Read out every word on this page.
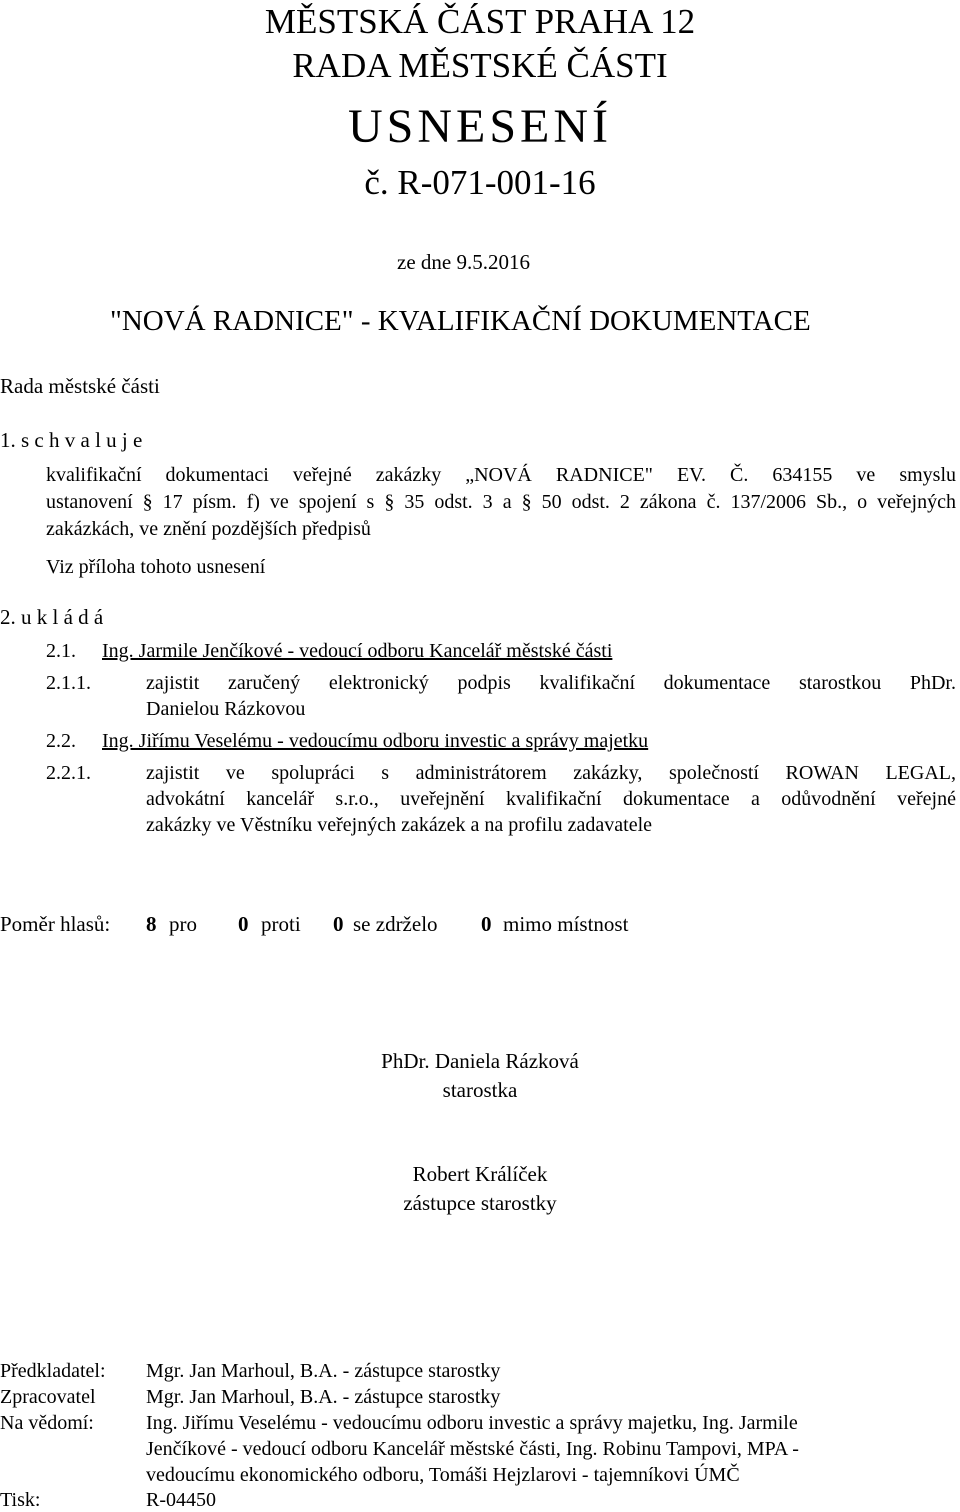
MĚSTSKÁ ČÁST PRAHA 12
RADA MĚSTSKÉ ČÁSTI
USNESENÍ
č. R-071-001-16
ze dne 9.5.2016
"NOVÁ RADNICE" - KVALIFIKAČNÍ DOKUMENTACE
Rada městské části
1. s c h v a l u j e
kvalifikační dokumentaci veřejné zakázky „NOVÁ RADNICE" EV. Č. 634155 ve smyslu
ustanovení § 17 písm. f) ve spojení s § 35 odst. 3 a § 50 odst. 2 zákona č. 137/2006 Sb., o veřejných
zakázkách, ve znění pozdějších předpisů
Viz příloha tohoto usnesení
2. u k l á d á
2.1. Ing. Jarmile Jenčíkové - vedoucí odboru Kancelář městské části
2.1.1.	zajistit zaručený elektronický podpis kvalifikační dokumentace starostkou PhDr.
Danielou Rázkovou
2.2. Ing. Jiřímu Veselému - vedoucímu odboru investic a správy majetku
2.2.1.	zajistit ve spolupráci s administrátorem zakázky, společností ROWAN LEGAL,
advokátní kancelář s.r.o., uveřejnění kvalifikační dokumentace a odůvodnění veřejné
zakázky ve Věstníku veřejných zakázek a na profilu zadavatele
Poměr hlasů: 8 pro 0 proti 0 se zdrželo 0 mimo místnost
PhDr. Daniela Rázková
starostka
Robert Králíček
zástupce starostky
Předkladatel: Mgr. Jan Marhoul, B.A. - zástupce starostky
Zpracovatel	Mgr. Jan Marhoul, B.A. - zástupce starostky
Na vědomí:	Ing. Jiřímu Veselému - vedoucímu odboru investic a správy majetku, Ing. Jarmile
Jenčíkové - vedoucí odboru Kancelář městské části, Ing. Robinu Tampovi, MPA -
vedoucímu ekonomického odboru, Tomáši Hejzlarovi - tajemníkovi ÚMČ
Tisk:	R-04450
